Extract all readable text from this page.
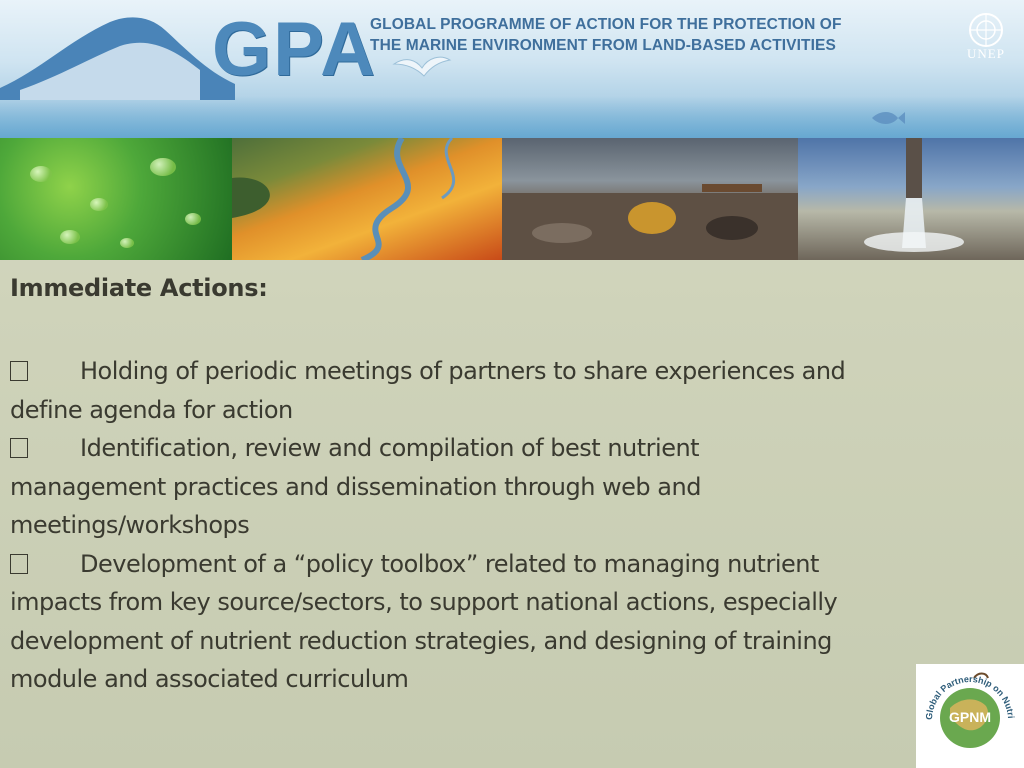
GPA
GLOBAL PROGRAMME OF ACTION FOR THE PROTECTION OF
THE MARINE ENVIRONMENT FROM LAND-BASED ACTIVITIES	UNEP

Immediate Actions:

Holding of periodic meetings of partners to share experiences and
define agenda for action

Identification, review and compilation of best nutrient
management practices and dissemination through web and
meetings/workshops

Development of a “policy toolbox” related to managing nutrient
impacts from key source/sectors, to support national actions, especially
development of nutrient reduction strategies, and designing of training
module and associated curriculum

Global Partnership on Nutri
GPNM
